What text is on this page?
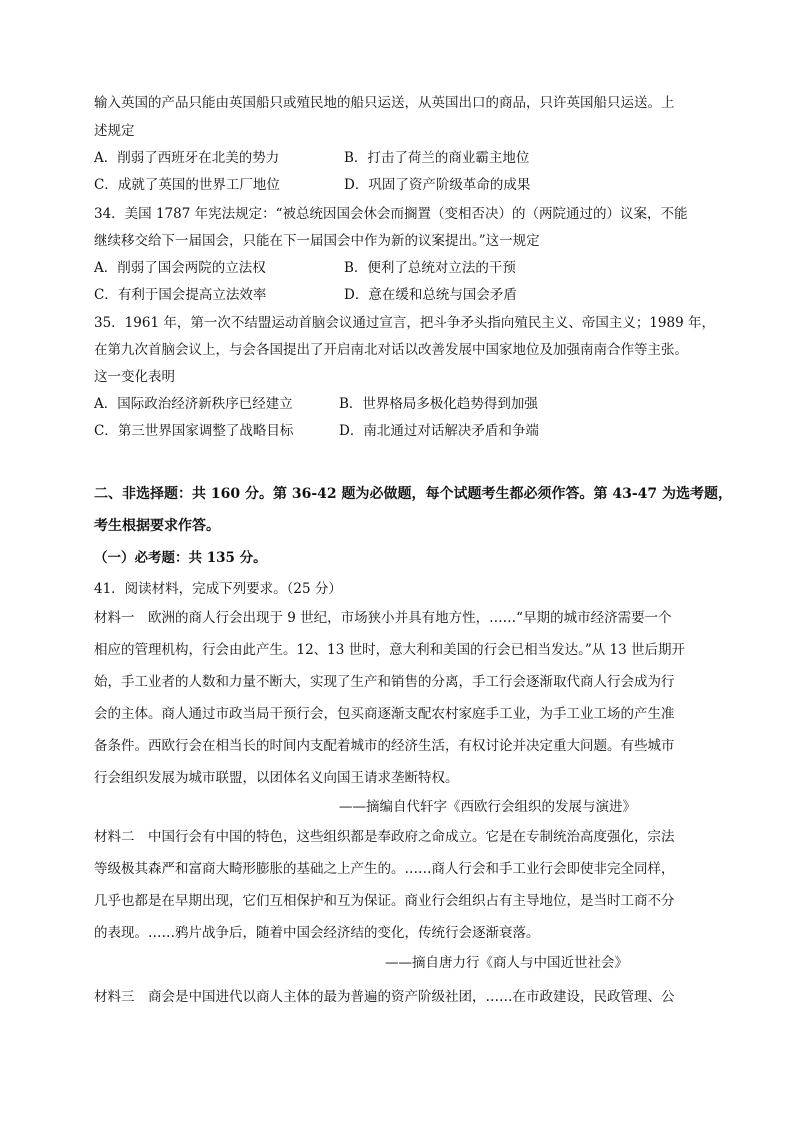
输入英国的产品只能由英国船只或殖民地的船只运送，从英国出口的商品，只许英国船只运送。上
述规定
A．削弱了西班牙在北美的势力	B．打击了荷兰的商业霸主地位
C．成就了英国的世界工厂地位	D．巩固了资产阶级革命的成果
34．美国 1787 年宪法规定：“被总统因国会休会而搁置（变相否决）的（两院通过的）议案，不能
继续移交给下一届国会，只能在下一届国会中作为新的议案提出。”这一规定
A．削弱了国会两院的立法权	B．便利了总统对立法的干预
C．有利于国会提高立法效率	D．意在缓和总统与国会矛盾
35．1961 年，第一次不结盟运动首脑会议通过宣言，把斗争矛头指向殖民主义、帝国主义；1989 年，
在第九次首脑会议上，与会各国提出了开启南北对话以改善发展中国家地位及加强南南合作等主张。
这一变化表明
A．国际政治经济新秩序已经建立	B．世界格局多极化趋势得到加强
C．第三世界国家调整了战略目标	D．南北通过对话解决矛盾和争端
二、非选择题：共 160 分。第 36-42 题为必做题，每个试题考生都必须作答。第 43-47 为选考题，
考生根据要求作答。
（一）必考题：共 135 分。
41．阅读材料，完成下列要求。（25 分）
材料一　欧洲的商人行会出现于 9 世纪，市场狭小并具有地方性，……“早期的城市经济需要一个
相应的管理机构，行会由此产生。12、13 世时，意大利和美国的行会已相当发达。”从 13 世后期开
始，手工业者的人数和力量不断大，实现了生产和销售的分离，手工行会逐渐取代商人行会成为行
会的主体。商人通过市政当局干预行会，包买商逐渐支配农村家庭手工业，为手工业工场的产生准
备条件。西欧行会在相当长的时间内支配着城市的经济生活，有权讨论并决定重大问题。有些城市
行会组织发展为城市联盟，以团体名义向国王请求垄断特权。
——摘编自代轩字《西欧行会组织的发展与演进》
材料二　中国行会有中国的特色，这些组织都是奉政府之命成立。它是在专制统治高度强化，宗法
等级极其森严和富商大畸形膨胀的基础之上产生的。……商人行会和手工业行会即使非完全同样，
几乎也都是在早期出现，它们互相保护和互为保证。商业行会组织占有主导地位，是当时工商不分
的表现。……鸦片战争后，随着中国会经济结的变化，传统行会逐渐衰落。
——摘自唐力行《商人与中国近世社会》
材料三　商会是中国进代以商人主体的最为普遍的资产阶级社团，……在市政建设，民政管理、公
